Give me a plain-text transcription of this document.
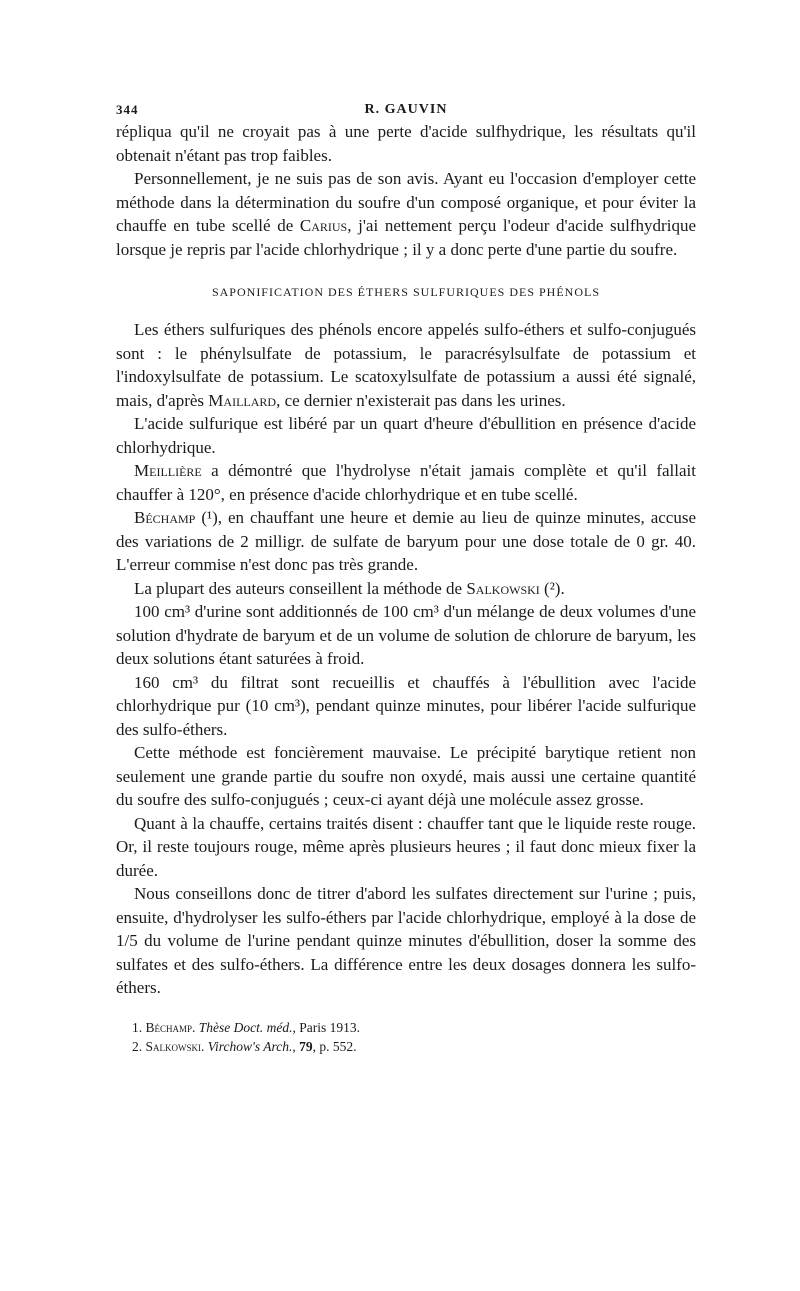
344	R. GAUVIN

répliqua qu'il ne croyait pas à une perte d'acide sulfhydrique, les résultats qu'il obtenait n'étant pas trop faibles.

Personnellement, je ne suis pas de son avis. Ayant eu l'occasion d'employer cette méthode dans la détermination du soufre d'un composé organique, et pour éviter la chauffe en tube scellé de Carius, j'ai nettement perçu l'odeur d'acide sulfhydrique lorsque je repris par l'acide chlorhydrique ; il y a donc perte d'une partie du soufre.

SAPONIFICATION DES ÉTHERS SULFURIQUES DES PHÉNOLS

Les éthers sulfuriques des phénols encore appelés sulfo-éthers et sulfo-conjugués sont : le phénylsulfate de potassium, le paracrésylsulfate de potassium et l'indoxylsulfate de potassium. Le scatoxylsulfate de potassium a aussi été signalé, mais, d'après Maillard, ce dernier n'existerait pas dans les urines.

L'acide sulfurique est libéré par un quart d'heure d'ébullition en présence d'acide chlorhydrique.

Meillière a démontré que l'hydrolyse n'était jamais complète et qu'il fallait chauffer à 120°, en présence d'acide chlorhydrique et en tube scellé.

Béchamp (¹), en chauffant une heure et demie au lieu de quinze minutes, accuse des variations de 2 milligr. de sulfate de baryum pour une dose totale de 0 gr. 40. L'erreur commise n'est donc pas très grande.

La plupart des auteurs conseillent la méthode de Salkowski (²).

100 cm³ d'urine sont additionnés de 100 cm³ d'un mélange de deux volumes d'une solution d'hydrate de baryum et de un volume de solution de chlorure de baryum, les deux solutions étant saturées à froid.

160 cm³ du filtrat sont recueillis et chauffés à l'ébullition avec l'acide chlorhydrique pur (10 cm³), pendant quinze minutes, pour libérer l'acide sulfurique des sulfo-éthers.

Cette méthode est foncièrement mauvaise. Le précipité barytique retient non seulement une grande partie du soufre non oxydé, mais aussi une certaine quantité du soufre des sulfo-conjugués ; ceux-ci ayant déjà une molécule assez grosse.

Quant à la chauffe, certains traités disent : chauffer tant que le liquide reste rouge. Or, il reste toujours rouge, même après plusieurs heures ; il faut donc mieux fixer la durée.

Nous conseillons donc de titrer d'abord les sulfates directement sur l'urine ; puis, ensuite, d'hydrolyser les sulfo-éthers par l'acide chlorhydrique, employé à la dose de 1/5 du volume de l'urine pendant quinze minutes d'ébullition, doser la somme des sulfates et des sulfo-éthers. La différence entre les deux dosages donnera les sulfo-éthers.

1. Béchamp. Thèse Doct. méd., Paris 1913.
2. Salkowski. Virchow's Arch., 79, p. 552.
